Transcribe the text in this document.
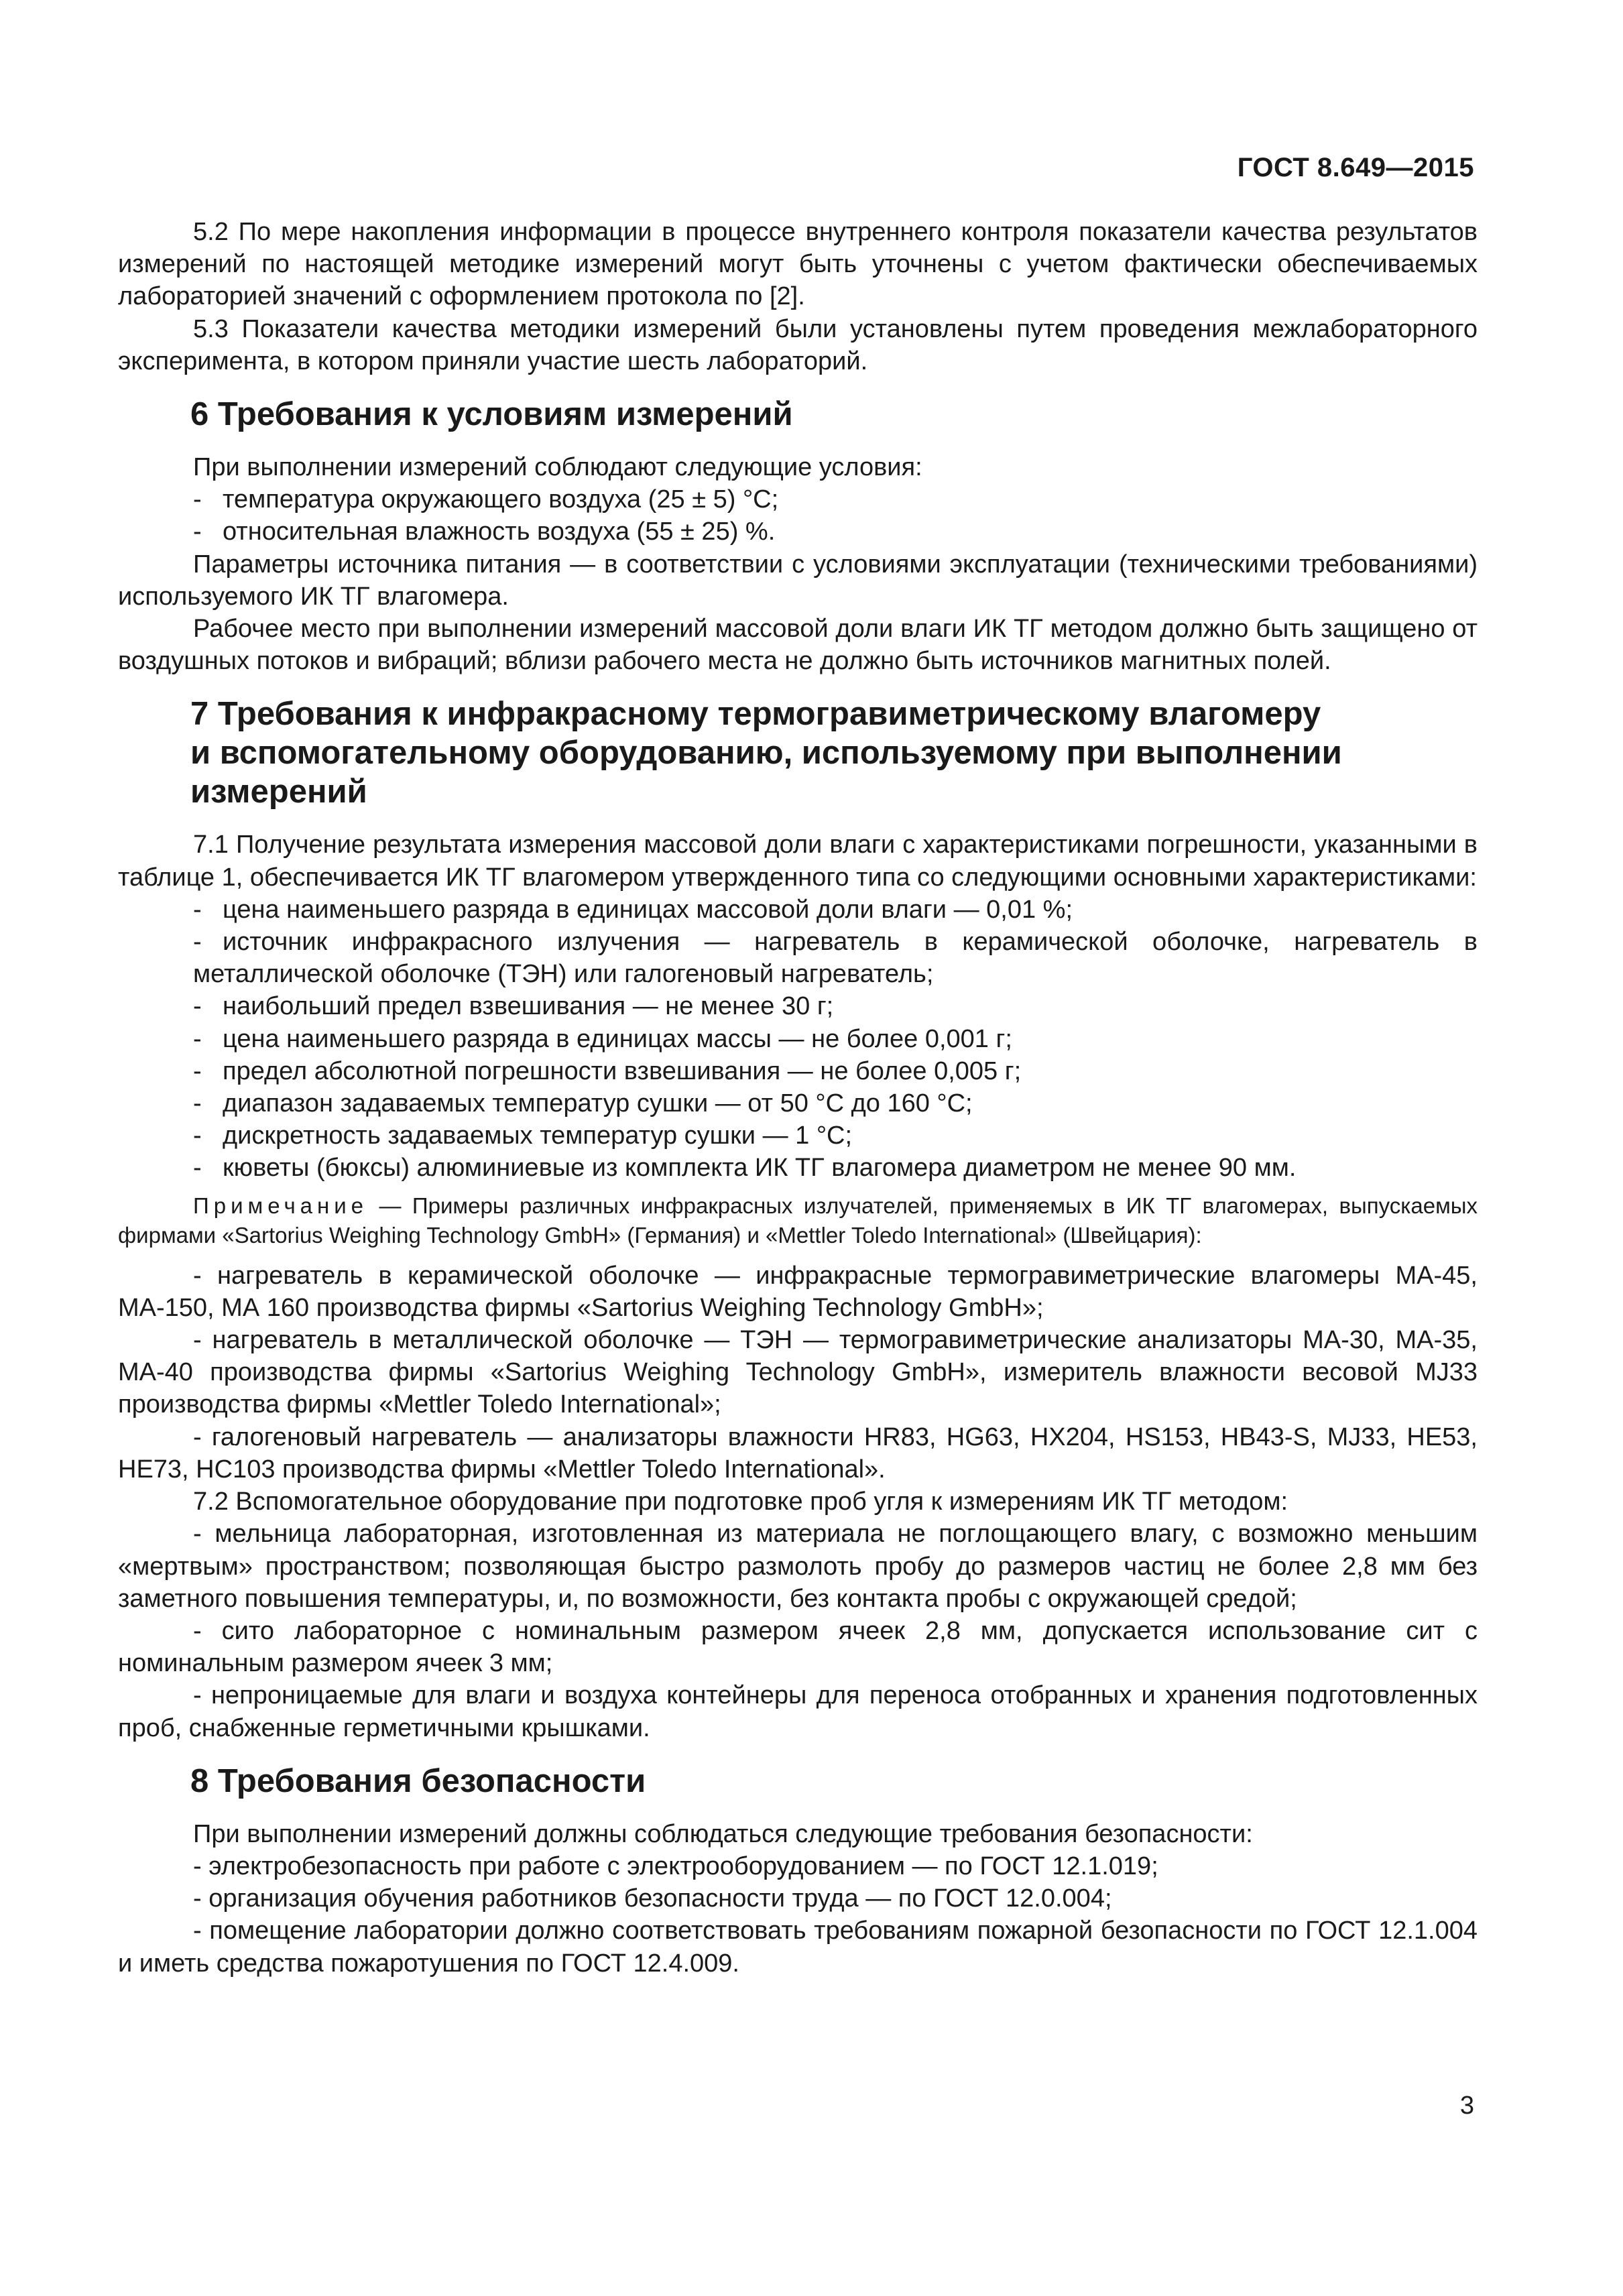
ГОСТ 8.649—2015

5.2 По мере накопления информации в процессе внутреннего контроля показатели качества результатов измерений по настоящей методике измерений могут быть уточнены с учетом фактически обеспечиваемых лабораторией значений с оформлением протокола по [2].

5.3 Показатели качества методики измерений были установлены путем проведения межлабораторного эксперимента, в котором приняли участие шесть лабораторий.

6 Требования к условиям измерений

При выполнении измерений соблюдают следующие условия:

- температура окружающего воздуха (25 ± 5) °С;

- относительная влажность воздуха (55 ± 25) %.

Параметры источника питания — в соответствии с условиями эксплуатации (техническими требованиями) используемого ИК ТГ влагомера.

Рабочее место при выполнении измерений массовой доли влаги ИК ТГ методом должно быть защищено от воздушных потоков и вибраций; вблизи рабочего места не должно быть источников магнитных полей.

7 Требования к инфракрасному термогравиметрическому влагомеру
и вспомогательному оборудованию, используемому при выполнении
измерений

7.1 Получение результата измерения массовой доли влаги с характеристиками погрешности, указанными в таблице 1, обеспечивается ИК ТГ влагомером утвержденного типа со следующими основными характеристиками:

- цена наименьшего разряда в единицах массовой доли влаги — 0,01 %;

- источник инфракрасного излучения — нагреватель в керамической оболочке, нагреватель в металлической оболочке (ТЭН) или галогеновый нагреватель;

- наибольший предел взвешивания — не менее 30 г;

- цена наименьшего разряда в единицах массы — не более 0,001 г;

- предел абсолютной погрешности взвешивания — не более 0,005 г;

- диапазон задаваемых температур сушки — от 50 °С до 160 °С;

- дискретность задаваемых температур сушки — 1 °С;

- кюветы (бюксы) алюминиевые из комплекта ИК ТГ влагомера диаметром не менее 90 мм.

Примечание — Примеры различных инфракрасных излучателей, применяемых в ИК ТГ влагомерах, выпускаемых фирмами «Sartorius Weighing Technology GmbH» (Германия) и «Mettler Toledo International» (Швейцария):

- нагреватель в керамической оболочке — инфракрасные термогравиметрические влагомеры МА-45, МА-150, МА 160 производства фирмы «Sartorius Weighing Technology GmbH»;

- нагреватель в металлической оболочке — ТЭН — термогравиметрические анализаторы МА-30, МА-35, МА-40 производства фирмы «Sartorius Weighing Technology GmbH», измеритель влажности весовой MJ33 производства фирмы «Mettler Toledo International»;

- галогеновый нагреватель — анализаторы влажности HR83, HG63, HX204, HS153, HB43-S, MJ33, HE53, HE73, HC103 производства фирмы «Mettler Toledo International».

7.2 Вспомогательное оборудование при подготовке проб угля к измерениям ИК ТГ методом:

- мельница лабораторная, изготовленная из материала не поглощающего влагу, с возможно меньшим «мертвым» пространством; позволяющая быстро размолоть пробу до размеров частиц не более 2,8 мм без заметного повышения температуры, и, по возможности, без контакта пробы с окружающей средой;

- сито лабораторное с номинальным размером ячеек 2,8 мм, допускается использование сит с номинальным размером ячеек 3 мм;

- непроницаемые для влаги и воздуха контейнеры для переноса отобранных и хранения подготовленных проб, снабженные герметичными крышками.

8 Требования безопасности

При выполнении измерений должны соблюдаться следующие требования безопасности:

- электробезопасность при работе с электрооборудованием — по ГОСТ 12.1.019;

- организация обучения работников безопасности труда — по ГОСТ 12.0.004;

- помещение лаборатории должно соответствовать требованиям пожарной безопасности по ГОСТ 12.1.004 и иметь средства пожаротушения по ГОСТ 12.4.009.

3
